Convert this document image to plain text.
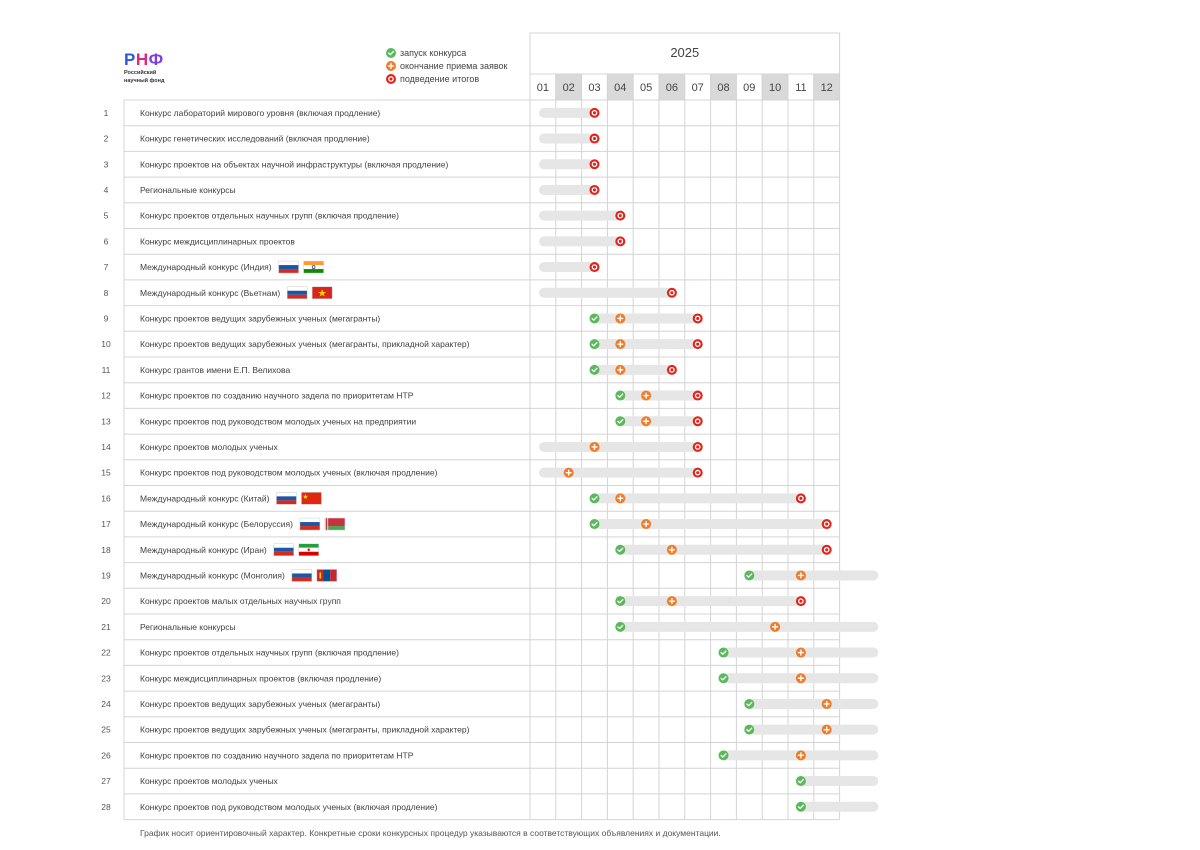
РНФ
Российский
научный фонд
запуск конкурса
окончание приема заявок
подведение итогов
2025
01 02 03 04 05 06 07 08 09 10 11 12
1	Конкурс лабораторий мирового уровня (включая продление)
2	Конкурс генетических исследований (включая продление)
3	Конкурс проектов на объектах научной инфраструктуры (включая продление)
4	Региональные конкурсы
5	Конкурс проектов отдельных научных групп (включая продление)
6	Конкурс междисциплинарных проектов
7	Международный конкурс (Индия)
8	Международный конкурс (Вьетнам)
9	Конкурс проектов ведущих зарубежных ученых (мегагранты)
10	Конкурс проектов ведущих зарубежных ученых (мегагранты, прикладной характер)
11	Конкурс грантов имени Е.П. Велихова
12	Конкурс проектов по созданию научного задела по приоритетам НТР
13	Конкурс проектов под руководством молодых ученых на предприятии
14	Конкурс проектов молодых ученых
15	Конкурс проектов под руководством молодых ученых (включая продление)
16	Международный конкурс (Китай)
17	Международный конкурс (Белоруссия)
18	Международный конкурс (Иран)
19	Международный конкурс (Монголия)
20	Конкурс проектов малых отдельных научных групп
21	Региональные конкурсы
22	Конкурс проектов отдельных научных групп (включая продление)
23	Конкурс междисциплинарных проектов (включая продление)
24	Конкурс проектов ведущих зарубежных ученых (мегагранты)
25	Конкурс проектов ведущих зарубежных ученых (мегагранты, прикладной характер)
26	Конкурс проектов по созданию научного задела по приоритетам НТР
27	Конкурс проектов молодых ученых
28	Конкурс проектов под руководством молодых ученых (включая продление)
График носит ориентировочный характер. Конкретные сроки конкурсных процедур указываются в соответствующих объявлениях и документации.
